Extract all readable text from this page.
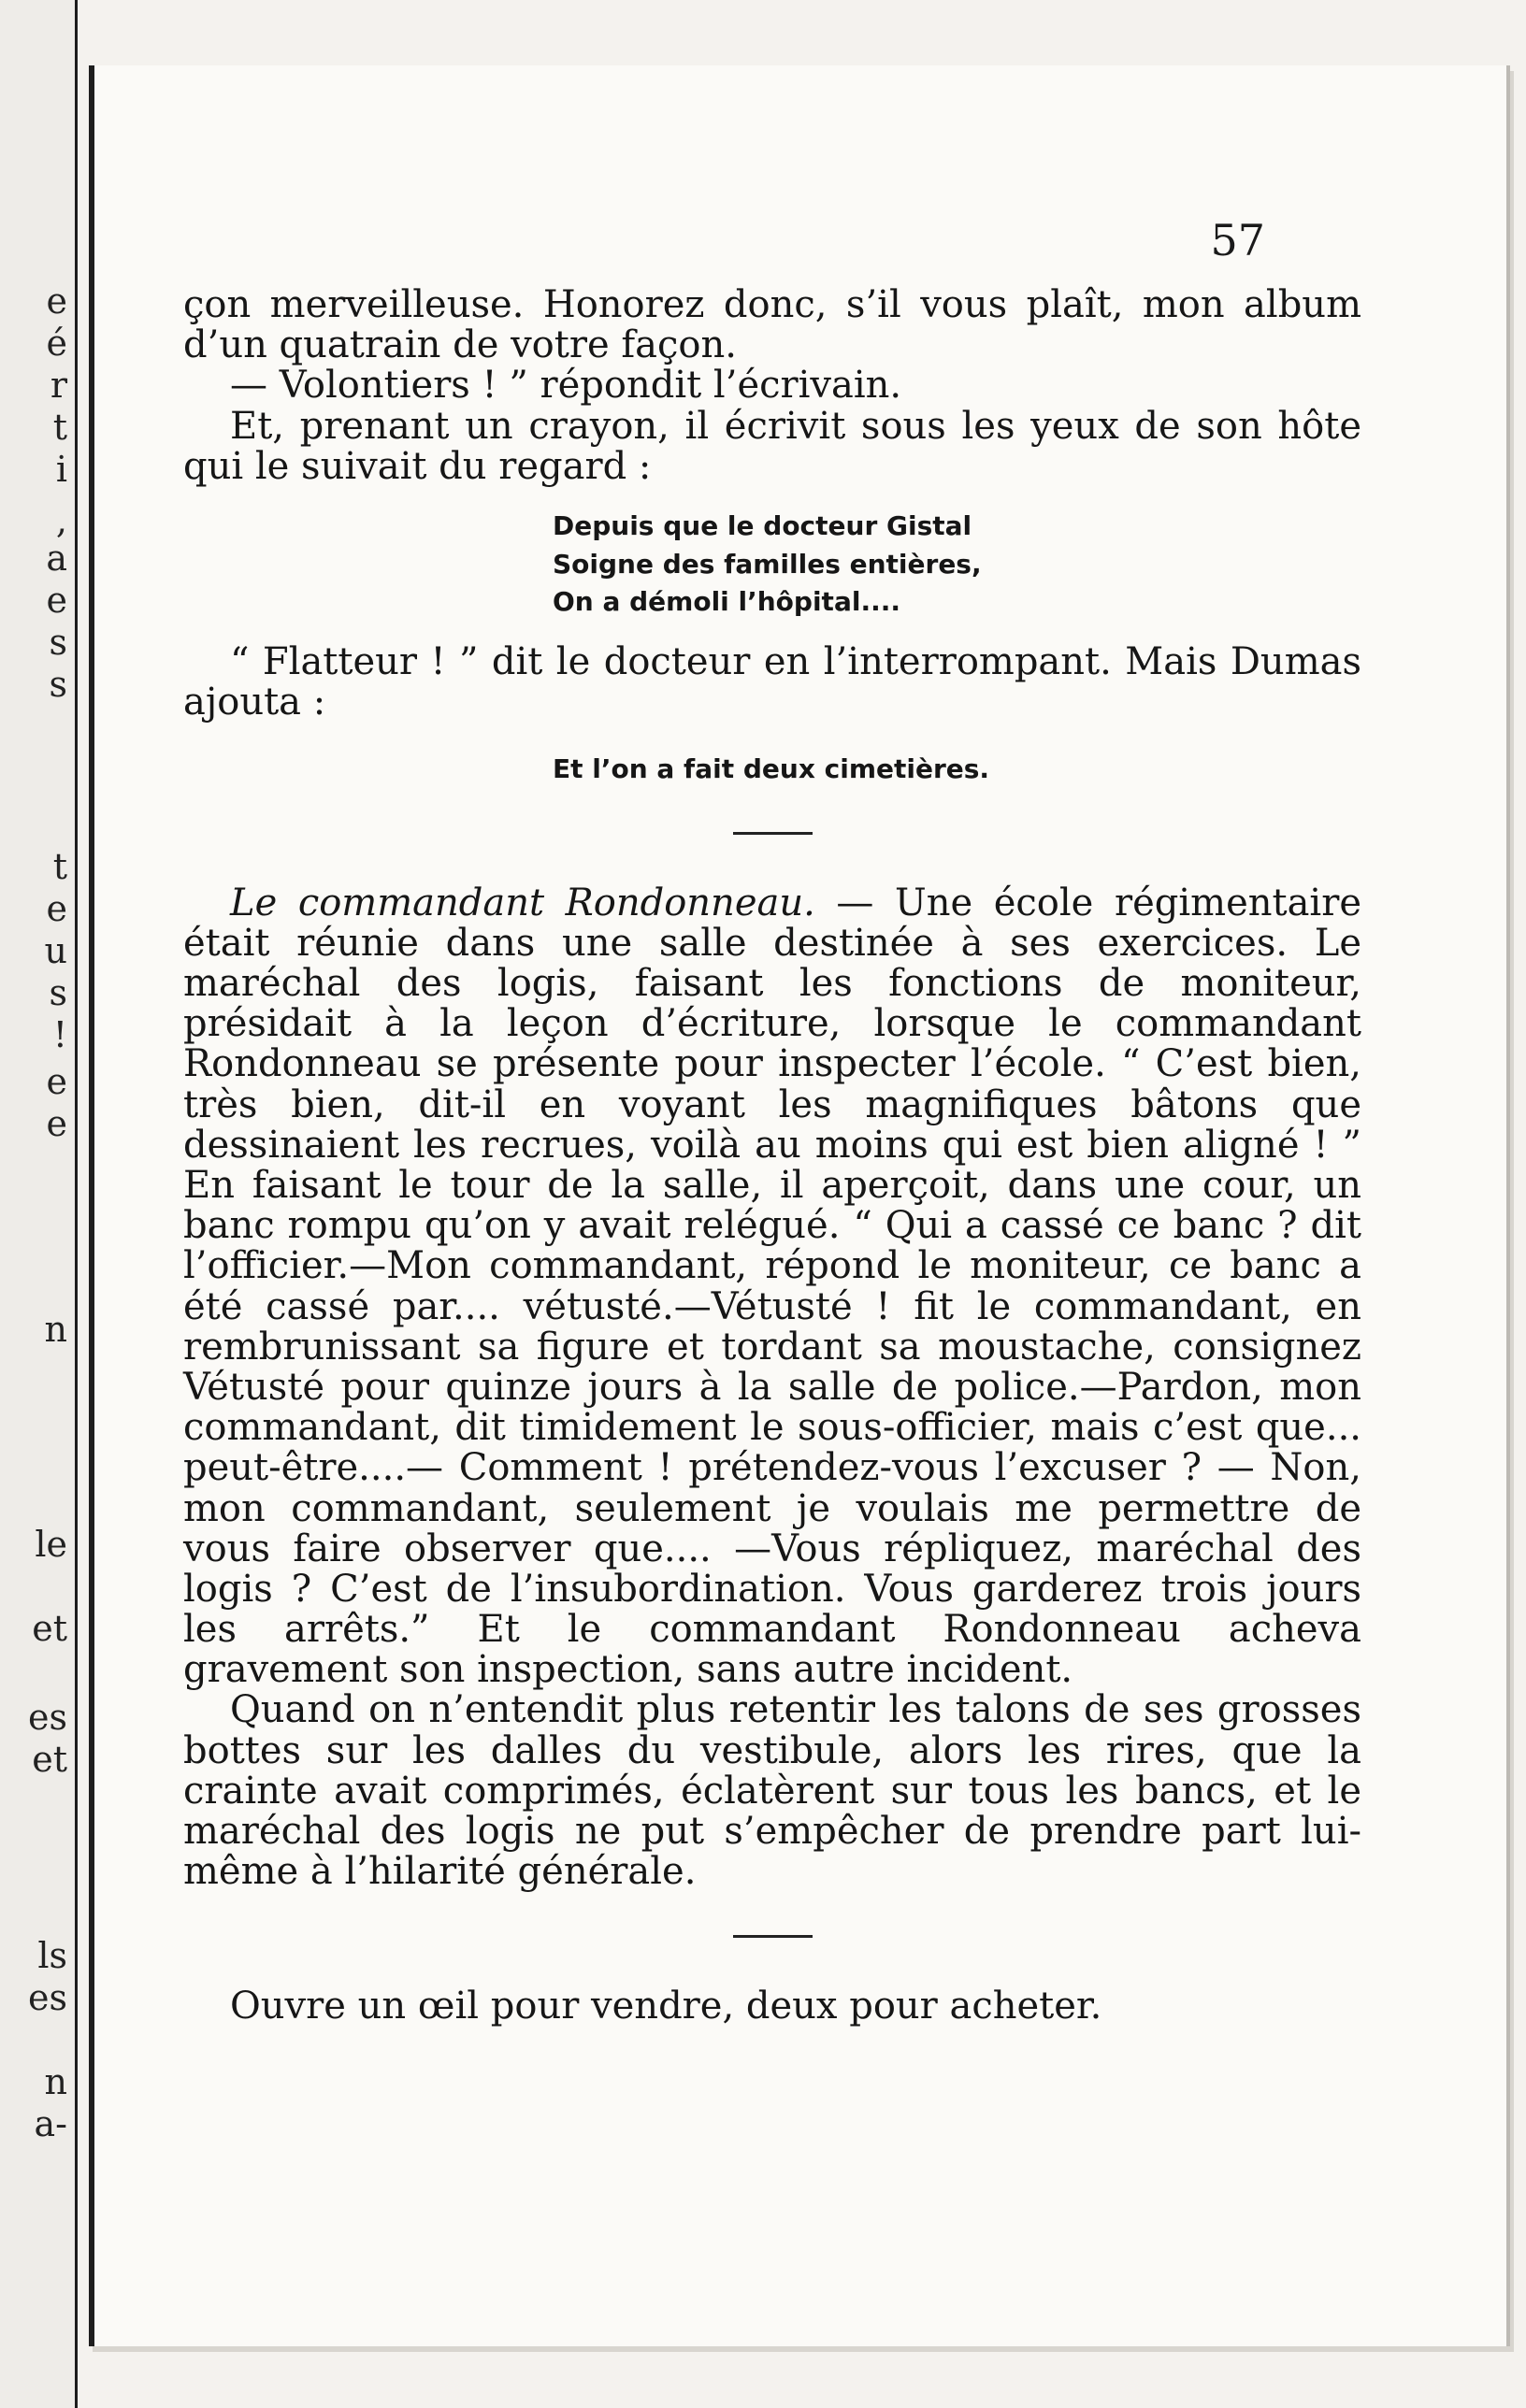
e
é
r
t
i
,
a
e
s
s
t
e
u
s
!
e
e
n
le
et
es
et
ls
es
n
a-
57

çon merveilleuse. Honorez donc, s’il vous plaît, mon album d’un quatrain de votre façon.

— Volontiers ! ” répondit l’écrivain.

Et, prenant un crayon, il écrivit sous les yeux de son hôte qui le suivait du regard :

Depuis que le docteur Gistal
Soigne des familles entières,
On a démoli l’hôpital....

“ Flatteur ! ” dit le docteur en l’interrompant. Mais Dumas ajouta :

Et l’on a fait deux cimetières.

Le commandant Rondonneau. — Une école régimentaire était réunie dans une salle destinée à ses exercices. Le maréchal des logis, faisant les fonctions de moniteur, présidait à la leçon d’écriture, lorsque le commandant Rondonneau se présente pour inspecter l’école. “ C’est bien, très bien, dit-il en voyant les magnifiques bâtons que dessinaient les recrues, voilà au moins qui est bien aligné ! ” En faisant le tour de la salle, il aperçoit, dans une cour, un banc rompu qu’on y avait relégué. “ Qui a cassé ce banc ? dit l’officier.—Mon commandant, répond le moniteur, ce banc a été cassé par.... vétusté.—Vétusté ! fit le commandant, en rembrunissant sa figure et tordant sa moustache, consignez Vétusté pour quinze jours à la salle de police.—Pardon, mon commandant, dit timidement le sous-officier, mais c’est que... peut-être....— Comment ! prétendez-vous l’excuser ? — Non, mon commandant, seulement je voulais me permettre de vous faire observer que.... —Vous répliquez, maréchal des logis ? C’est de l’insubordination. Vous garderez trois jours les arrêts.” Et le commandant Rondonneau acheva gravement son inspection, sans autre incident.

Quand on n’entendit plus retentir les talons de ses grosses bottes sur les dalles du vestibule, alors les rires, que la crainte avait comprimés, éclatèrent sur tous les bancs, et le maréchal des logis ne put s’empêcher de prendre part lui-même à l’hilarité générale.

Ouvre un œil pour vendre, deux pour acheter.
